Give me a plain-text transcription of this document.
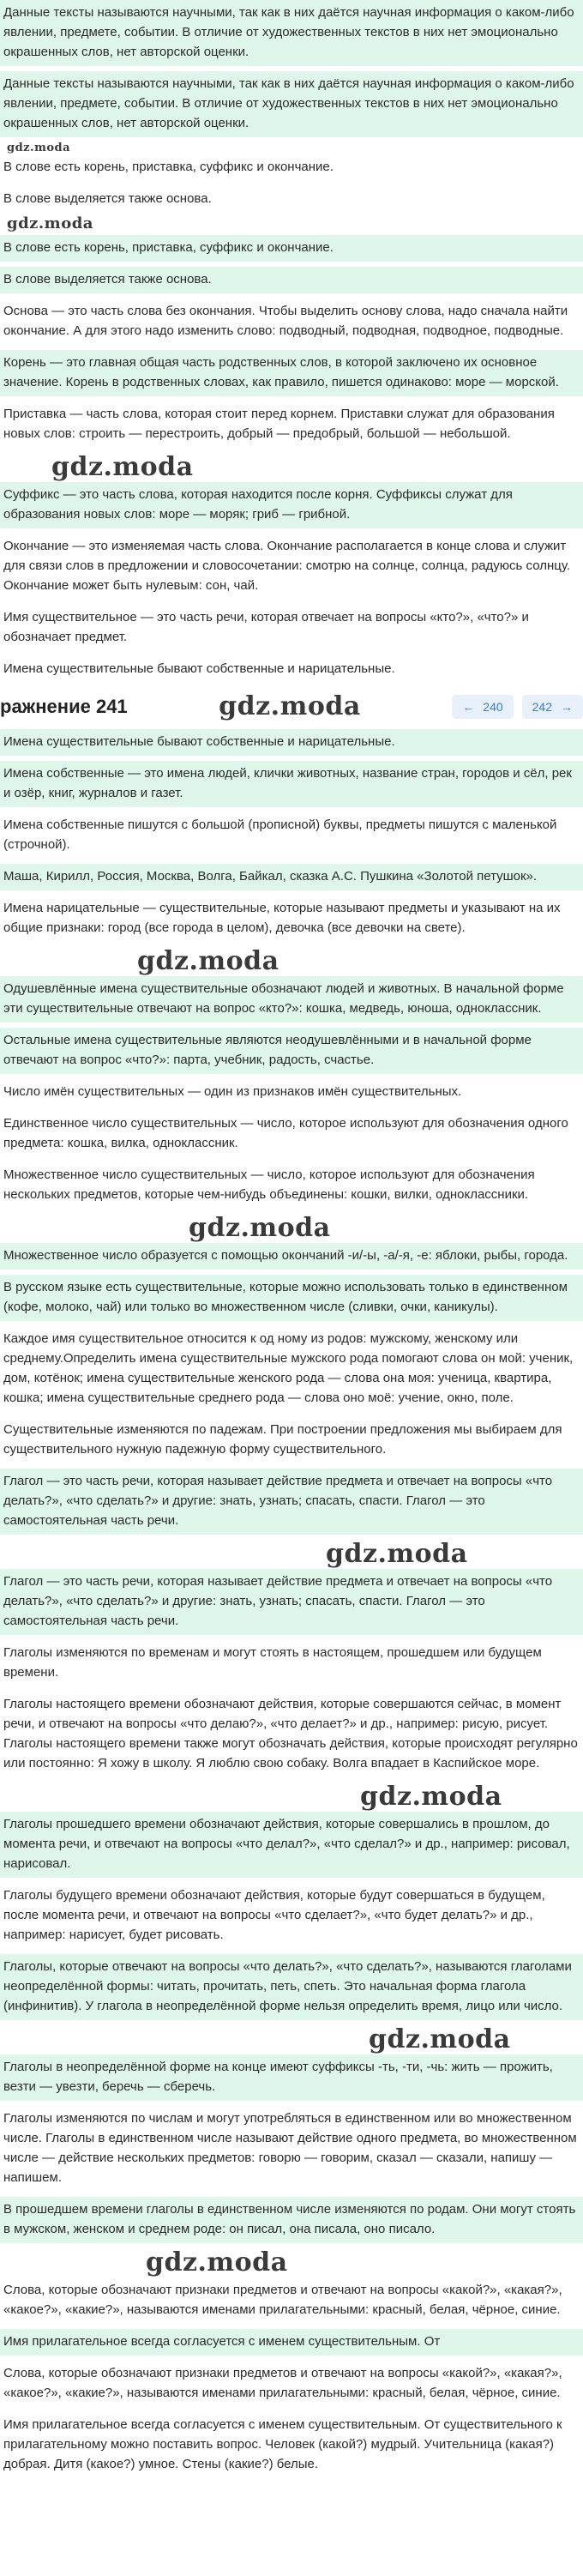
Данные тексты называются научными, так как в них даётся научная информация о каком-либо явлении, предмете, событии. В отличие от художественных текстов в них нет эмоционально окрашенных слов, нет авторской оценки.
Данные тексты называются научными, так как в них даётся научная информация о каком-либо явлении, предмете, событии. В отличие от художественных текстов в них нет эмоционально окрашенных слов, нет авторской оценки.
gdz.moda
В слове есть корень, приставка, суффикс и окончание.
В слове выделяется также основа.
gdz.moda
В слове есть корень, приставка, суффикс и окончание.
В слове выделяется также основа.
Основа — это часть слова без окончания. Чтобы выделить основу слова, надо сначала найти окончание. А для этого надо изменить слово: подводный, подводная, подводное, подводные.
Корень — это главная общая часть родственных слов, в которой заключено их основное значение. Корень в родственных словах, как правило, пишется одинаково: море — морской.
Приставка — часть слова, которая стоит перед корнем. Приставки служат для образования новых слов: строить — перестроить, добрый — предобрый, большой — небольшой.
gdz.moda
Суффикс — это часть слова, которая находится после корня. Суффиксы служат для образования новых слов: море — моряк; гриб — грибной.
Окончание — это изменяемая часть слова. Окончание располагается в конце слова и служит для связи слов в предложении и словосочетании: смотрю на солнце, солнца, радуюсь солнцу. Окончание может быть нулевым: сон, чай.
Имя существительное — это часть речи, которая отвечает на вопросы «кто?», «что?» и обозначает предмет.
Имена существительные бывают собственные и нарицательные.
ражнение 241	gdz.moda	← 240 242 →
Имена существительные бывают собственные и нарицательные.
Имена собственные — это имена людей, клички животных, название стран, городов и сёл, рек и озёр, книг, журналов и газет.
Имена собственные пишутся с большой (прописной) буквы, предметы пишутся с маленькой (строчной).
Маша, Кирилл, Россия, Москва, Волга, Байкал, сказка А.С. Пушкина «Золотой петушок».
Имена нарицательные — существительные, которые называют предметы и указывают на их общие признаки: город (все города в целом), девочка (все девочки на свете).
gdz.moda
Одушевлённые имена существительные обозначают людей и животных. В начальной форме эти существительные отвечают на вопрос «кто?»: кошка, медведь, юноша, одноклассник.
Остальные имена существительные являются неодушевлёнными и в начальной форме отвечают на вопрос «что?»: парта, учебник, радость, счастье.
Число имён существительных — один из признаков имён существительных.
Единственное число существительных — число, которое используют для обозначения одного предмета: кошка, вилка, одноклассник.
Множественное число существительных — число, которое используют для обозначения нескольких предметов, которые чем-нибудь объединены: кошки, вилки, одноклассники.
gdz.moda
Множественное число образуется с помощью окончаний -и/-ы, -а/-я, -е: яблоки, рыбы, города.
В русском языке есть существительные, которые можно использовать только в единственном (кофе, молоко, чай) или только во множественном числе (сливки, очки, каникулы).
Каждое имя существительное относится к од ному из родов: мужскому, женскому или среднему.Определить имена существительные мужского рода помогают слова он мой: ученик, дом, котёнок; имена существительные женского рода — слова она моя: ученица, квартира, кошка; имена существительные среднего рода — слова оно моё: учение, окно, поле.
Существительные изменяются по падежам. При построении предложения мы выбираем для существительного нужную падежную форму существительного.
Глагол — это часть речи, которая называет действие предмета и отвечает на вопросы «что делать?», «что сделать?» и другие: знать, узнать; спасать, спасти. Глагол — это самостоятельная часть речи.
gdz.moda
Глагол — это часть речи, которая называет действие предмета и отвечает на вопросы «что делать?», «что сделать?» и другие: знать, узнать; спасать, спасти. Глагол — это самостоятельная часть речи.
Глаголы изменяются по временам и могут стоять в настоящем, прошедшем или будущем времени.
Глаголы настоящего времени обозначают действия, которые совершаются сейчас, в момент речи, и отвечают на вопросы «что делаю?», «что делает?» и др., например: рисую, рисует. Глаголы настоящего времени также могут обозначать действия, которые происходят регулярно или постоянно: Я хожу в школу. Я люблю свою собаку. Волга впадает в Каспийское море.
gdz.moda
Глаголы прошедшего времени обозначают действия, которые совершались в прошлом, до момента речи, и отвечают на вопросы «что делал?», «что сделал?» и др., например: рисовал, нарисовал.
Глаголы будущего времени обозначают действия, которые будут совершаться в будущем, после момента речи, и отвечают на вопросы «что сделает?», «что будет делать?» и др., например: нарисует, будет рисовать.
Глаголы, которые отвечают на вопросы «что делать?», «что сделать?», называются глаголами неопределённой формы: читать, прочитать, петь, спеть. Это начальная форма глагола (инфинитив). У глагола в неопределённой форме нельзя определить время, лицо или число.
gdz.moda
Глаголы в неопределённой форме на конце имеют суффиксы -ть, -ти, -чь: жить — прожить, везти — увезти, беречь — сберечь.
Глаголы изменяются по числам и могут употребляться в единственном или во множественном числе. Глаголы в единственном числе называют действие одного предмета, во множественном числе — действие нескольких предметов: говорю — говорим, сказал — сказали, напишу — напишем.
В прошедшем времени глаголы в единственном числе изменяются по родам. Они могут стоять в мужском, женском и среднем роде: он писал, она писала, оно писало.
gdz.moda
Слова, которые обозначают признаки предметов и отвечают на вопросы «какой?», «какая?», «какое?», «какие?», называются именами прилагательными: красный, белая, чёрное, синие.
Имя прилагательное всегда согласуется с именем существительным. От
Слова, которые обозначают признаки предметов и отвечают на вопросы «какой?», «какая?», «какое?», «какие?», называются именами прилагательными: красный, белая, чёрное, синие.
Имя прилагательное всегда согласуется с именем существительным. От существительного к прилагательному можно поставить вопрос. Человек (какой?) мудрый. Учительница (какая?) добрая. Дитя (какое?) умное. Стены (какие?) белые.
